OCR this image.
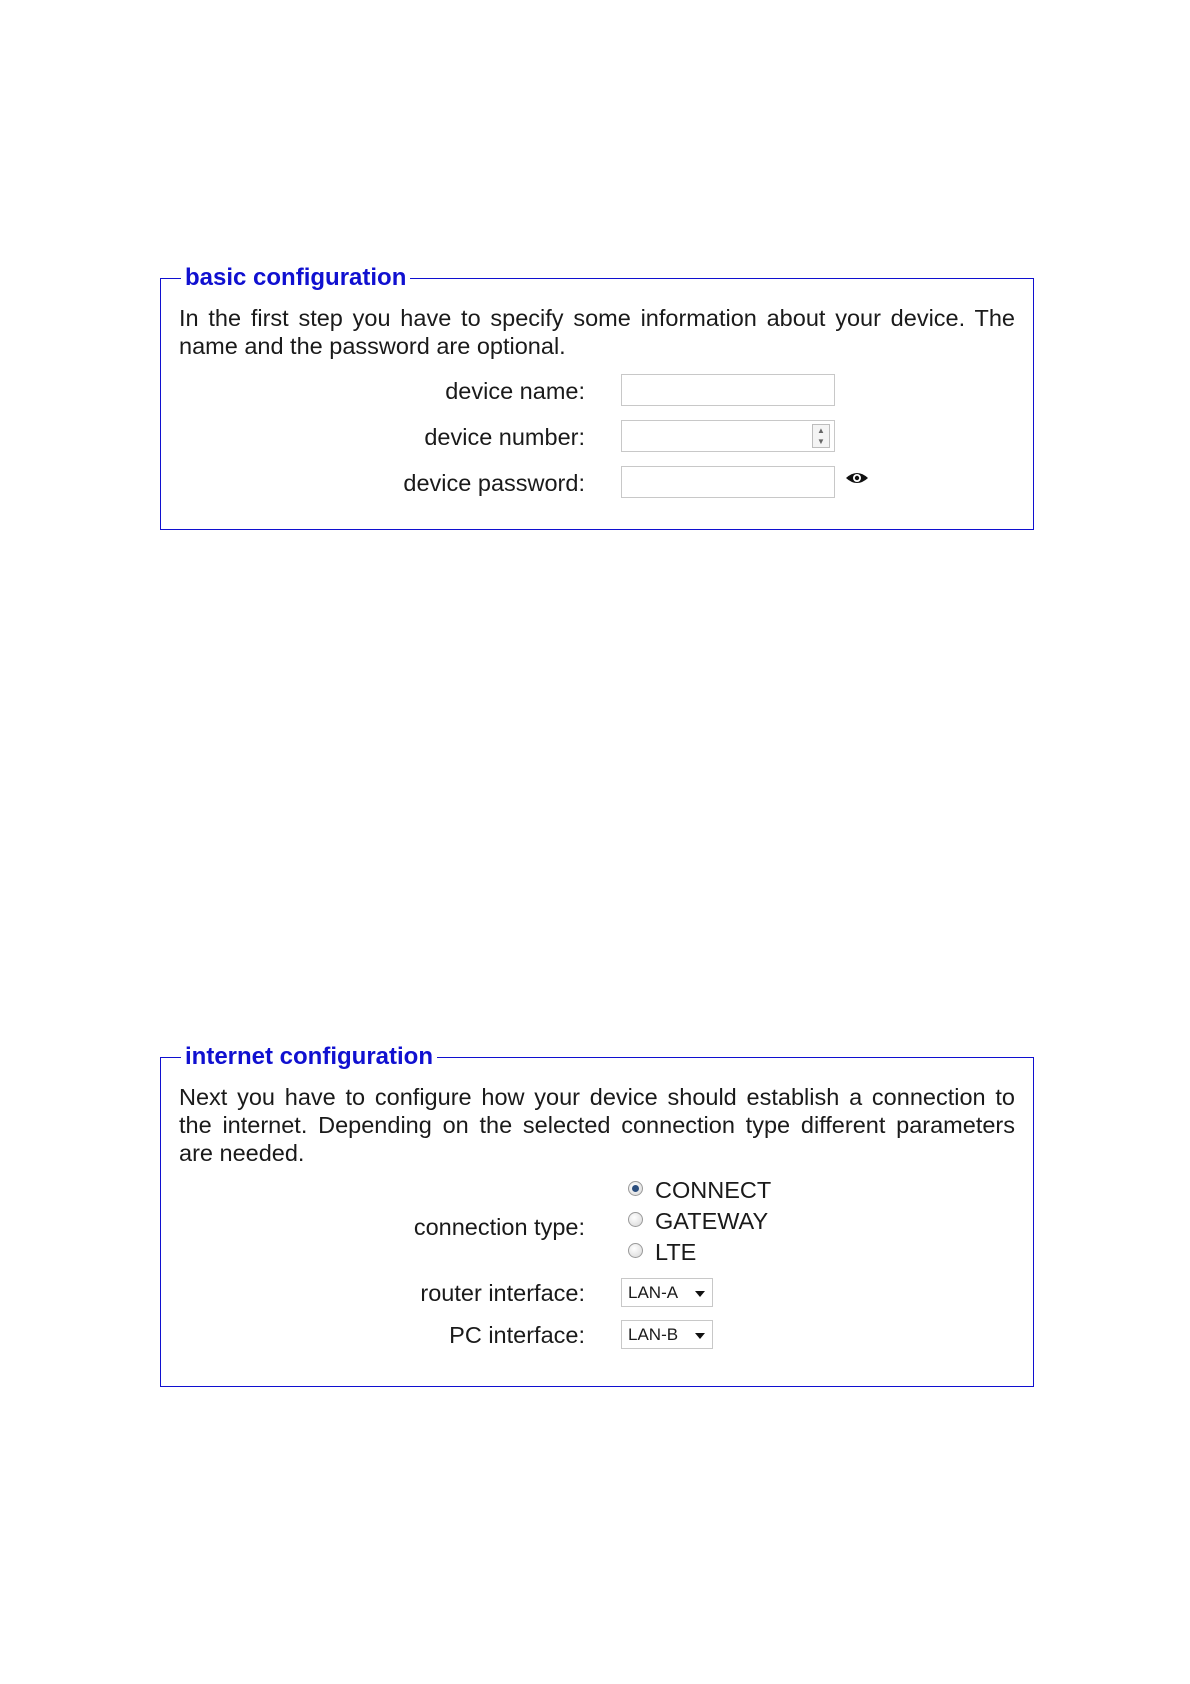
basic configuration
In the first step you have to specify some information about your device. The name and the password are optional.
device name:
device number:	▲
▼
device password:
internet configuration
Next you have to configure how your device should establish a connection to the internet. Depending on the selected connection type different parameters are needed.
connection type:
CONNECT
GATEWAY
LTE
router interface:	LAN-A
PC interface:	LAN-B
